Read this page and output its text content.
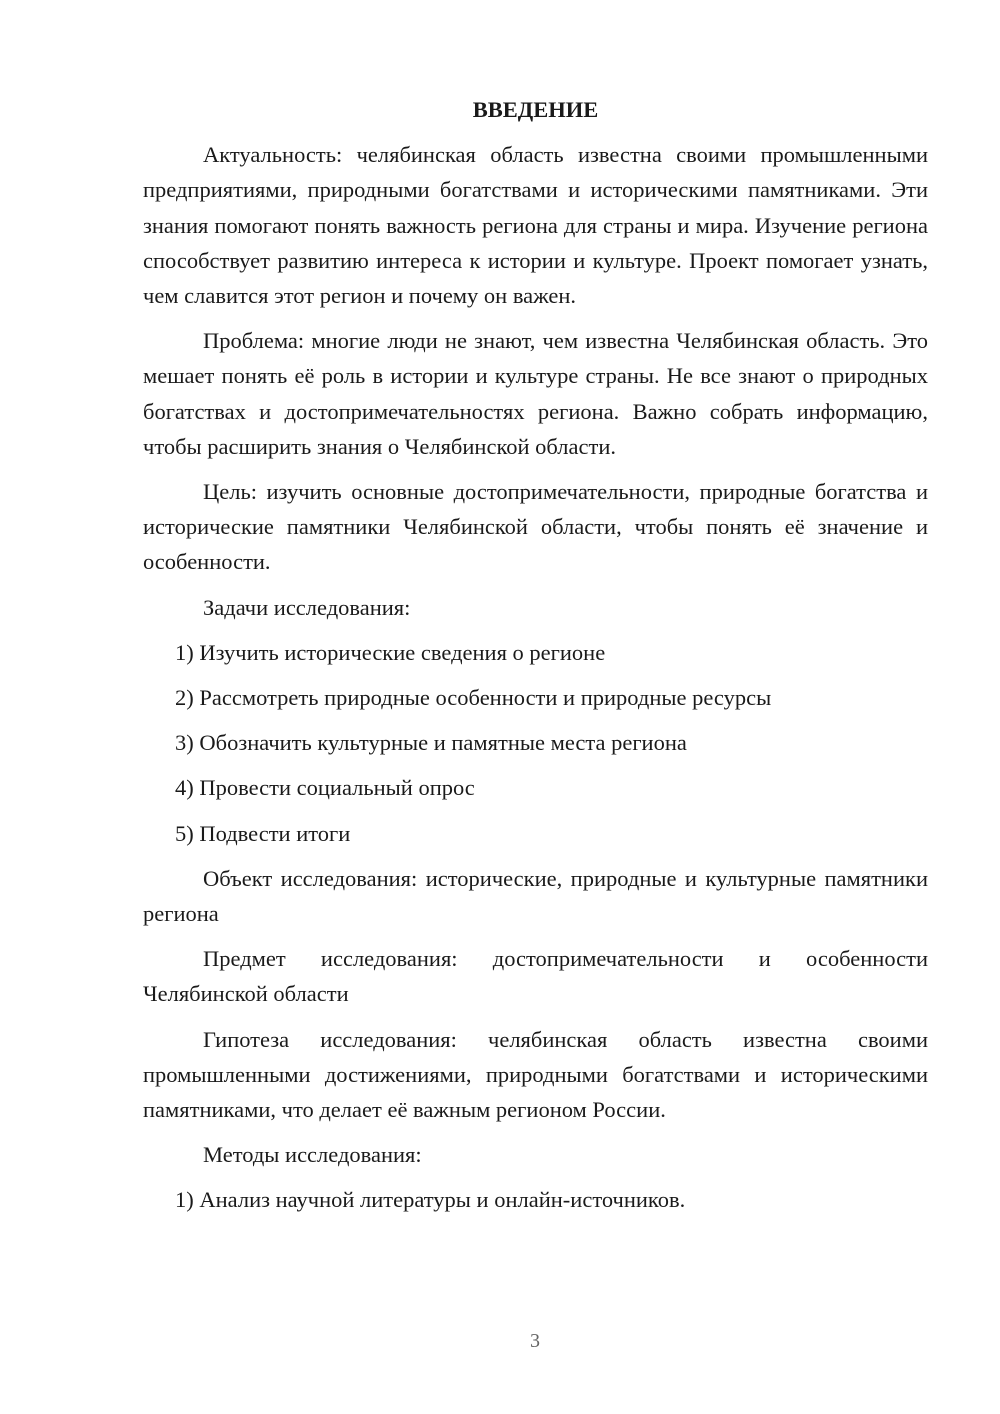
ВВЕДЕНИЕ

Актуальность: челябинская область известна своими промышленными предприятиями, природными богатствами и историческими памятниками. Эти знания помогают понять важность региона для страны и мира. Изучение региона способствует развитию интереса к истории и культуре. Проект помогает узнать, чем славится этот регион и почему он важен.

Проблема: многие люди не знают, чем известна Челябинская область. Это мешает понять её роль в истории и культуре страны. Не все знают о природных богатствах и достопримечательностях региона. Важно собрать информацию, чтобы расширить знания о Челябинской области.

Цель: изучить основные достопримечательности, природные богатства и исторические памятники Челябинской области, чтобы понять её значение и особенности.

Задачи исследования:

1) Изучить исторические сведения о регионе

2) Рассмотреть природные особенности и природные ресурсы

3) Обозначить культурные и памятные места региона

4) Провести социальный опрос

5) Подвести итоги

Объект исследования: исторические, природные и культурные памятники региона

Предмет исследования: достопримечательности и особенности Челябинской области

Гипотеза исследования: челябинская область известна своими промышленными достижениями, природными богатствами и историческими памятниками, что делает её важным регионом России.

Методы исследования:

1) Анализ научной литературы и онлайн-источников.

3
